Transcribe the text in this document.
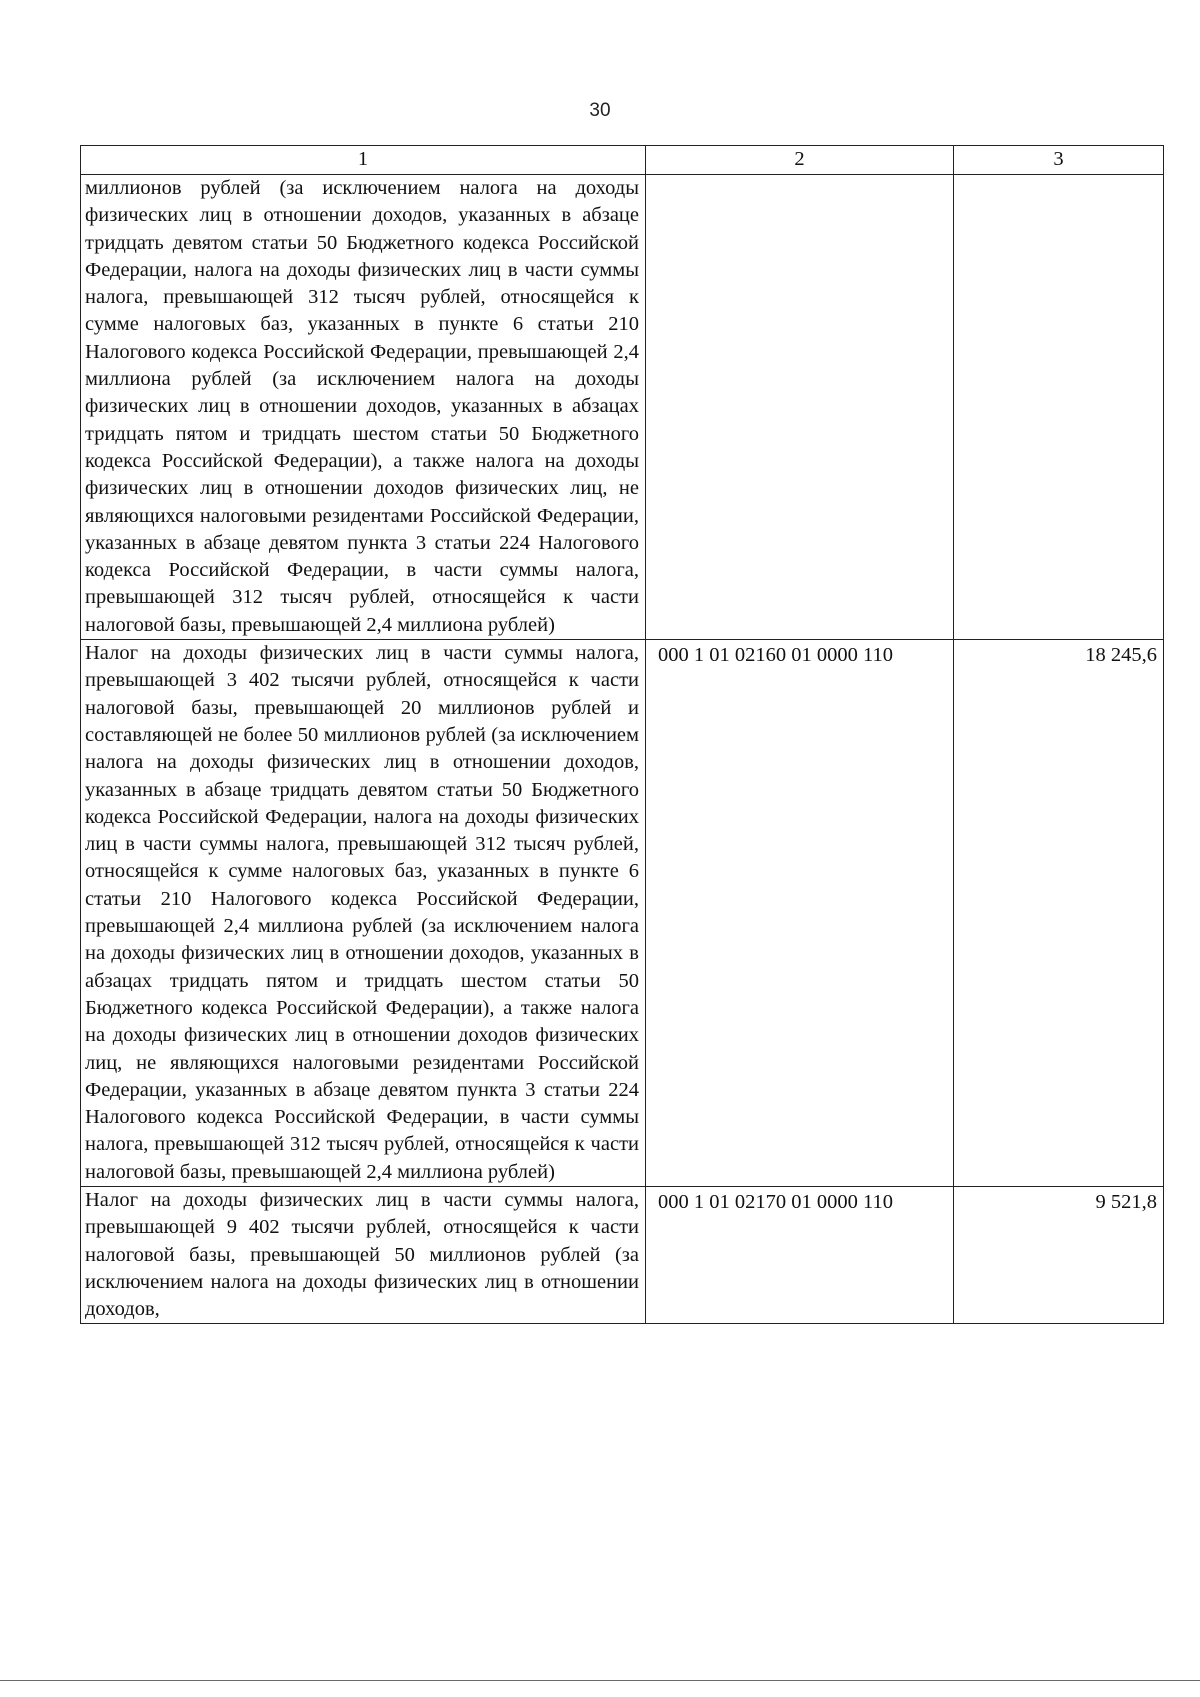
30
1	2	3
миллионов рублей (за исключением налога на доходы физических лиц в отношении доходов, указанных в абзаце тридцать девятом статьи 50 Бюджетного кодекса Российской Федерации, налога на доходы физических лиц в части суммы налога, превышающей 312 тысяч рублей, относящейся к сумме налоговых баз, указанных в пункте 6 статьи 210 Налогового кодекса Российской Федерации, превышающей 2,4 миллиона рублей (за исключением налога на доходы физических лиц в отношении доходов, указанных в абзацах тридцать пятом и тридцать шестом статьи 50 Бюджетного кодекса Российской Федерации), а также налога на доходы физических лиц в отношении доходов физических лиц, не являющихся налоговыми резидентами Российской Федерации, указанных в абзаце девятом пункта 3 статьи 224 Налогового кодекса Российской Федерации, в части суммы налога, превышающей 312 тысяч рублей, относящейся к части налоговой базы, превышающей 2,4 миллиона рублей)		
Налог на доходы физических лиц в части суммы налога, превышающей 3 402 тысячи рублей, относящейся к части налоговой базы, превышающей 20 миллионов рублей и составляющей не более 50 миллионов рублей (за исключением налога на доходы физических лиц в отношении доходов, указанных в абзаце тридцать девятом статьи 50 Бюджетного кодекса Российской Федерации, налога на доходы физических лиц в части суммы налога, превышающей 312 тысяч рублей, относящейся к сумме налоговых баз, указанных в пункте 6 статьи 210 Налогового кодекса Российской Федерации, превышающей 2,4 миллиона рублей (за исключением налога на доходы физических лиц в отношении доходов, указанных в абзацах тридцать пятом и тридцать шестом статьи 50 Бюджетного кодекса Российской Федерации), а также налога на доходы физических лиц в отношении доходов физических лиц, не являющихся налоговыми резидентами Российской Федерации, указанных в абзаце девятом пункта 3 статьи 224 Налогового кодекса Российской Федерации, в части суммы налога, превышающей 312 тысяч рублей, относящейся к части налоговой базы, превышающей 2,4 миллиона рублей)	000 1 01 02160 01 0000 110	18 245,6
Налог на доходы физических лиц в части суммы налога, превышающей 9 402 тысячи рублей, относящейся к части налоговой базы, превышающей 50 миллионов рублей (за исключением налога на доходы физических лиц в отношении доходов,	000 1 01 02170 01 0000 110	9 521,8
